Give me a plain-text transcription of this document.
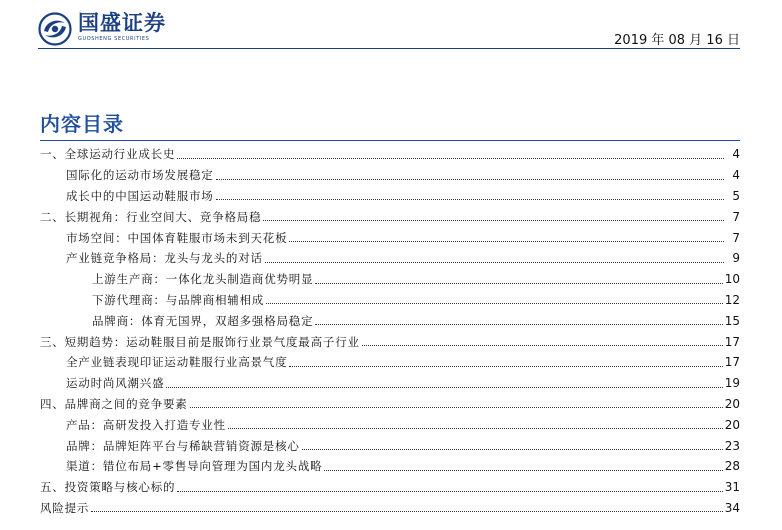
国盛证券
GUOSHENG SECURITIES	2019 年 08 月 16 日
内容目录
一、全球运动行业成长史	4
国际化的运动市场发展稳定	4
成长中的中国运动鞋服市场	5
二、长期视角：行业空间大、竞争格局稳	7
市场空间：中国体育鞋服市场未到天花板	7
产业链竞争格局：龙头与龙头的对话	9
上游生产商：一体化龙头制造商优势明显	10
下游代理商：与品牌商相辅相成	12
品牌商：体育无国界，双超多强格局稳定	15
三、短期趋势：运动鞋服目前是服饰行业景气度最高子行业	17
全产业链表现印证运动鞋服行业高景气度	17
运动时尚风潮兴盛	19
四、品牌商之间的竞争要素	20
产品：高研发投入打造专业性	20
品牌：品牌矩阵平台与稀缺营销资源是核心	23
渠道：错位布局+零售导向管理为国内龙头战略	28
五、投资策略与核心标的	31
风险提示	34
